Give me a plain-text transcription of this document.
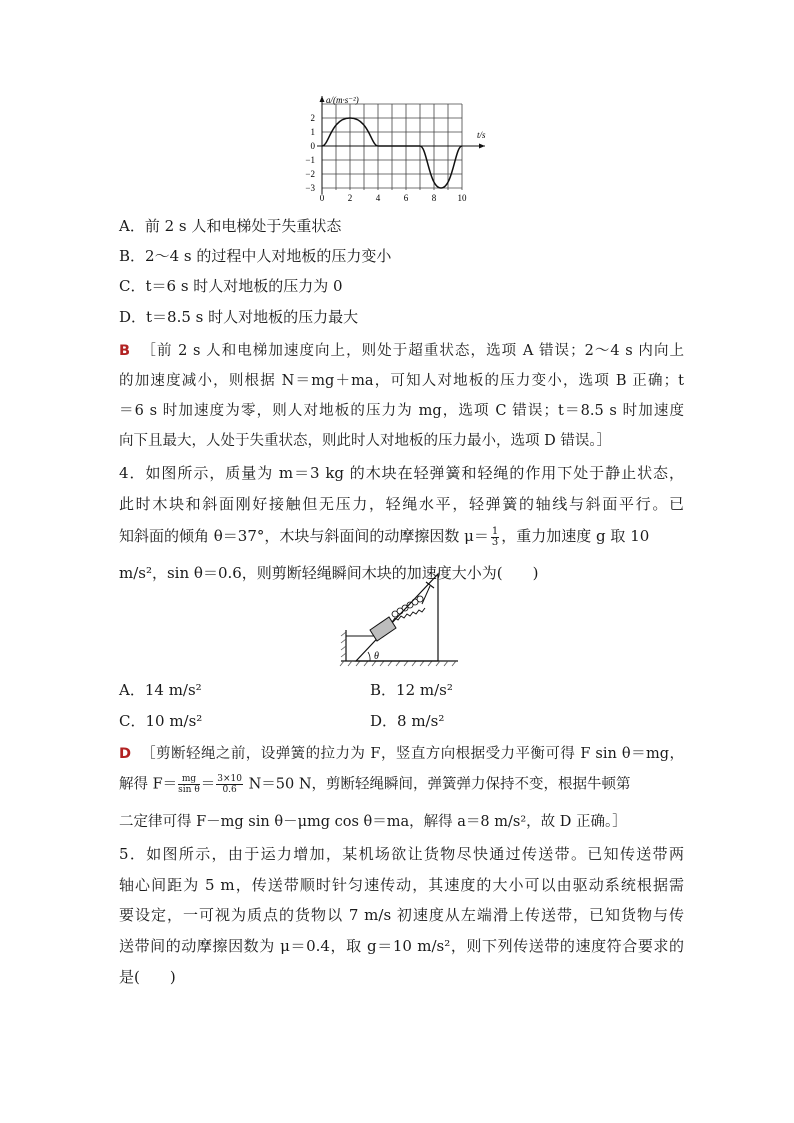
a/(m·s⁻²)
t/s
2
1
0
−1
−2
−3
0	2	4	6	8 10
A．前 2 s 人和电梯处于失重状态
B．2～4 s 的过程中人对地板的压力变小
C．t＝6 s 时人对地板的压力为 0
D．t＝8.5 s 时人对地板的压力最大
B ［前 2 s 人和电梯加速度向上，则处于超重状态，选项 A 错误；2～4 s 内向上
的加速度减小，则根据 N＝mg＋ma，可知人对地板的压力变小，选项 B 正确；t
＝6 s 时加速度为零，则人对地板的压力为 mg，选项 C 错误；t＝8.5 s 时加速度
向下且最大，人处于失重状态，则此时人对地板的压力最小，选项 D 错误。］
4．如图所示，质量为 m＝3 kg 的木块在轻弹簧和轻绳的作用下处于静止状态，
此时木块和斜面刚好接触但无压力，轻绳水平，轻弹簧的轴线与斜面平行。已
知斜面的倾角 θ＝37°，木块与斜面间的动摩擦因数 $\mu= \frac{1}{3}$ ，重力加速度 g 取 10
m/s²，sin θ＝0.6，则剪断轻绳瞬间木块的加速度大小为(　　)
θ
A．14 m/s²	B．12 m/s²
C．10 m/s²	D．8 m/s²
D ［剪断轻绳之前，设弹簧的拉力为 F，竖直方向根据受力平衡可得 F sin θ＝mg，
解得 $F= \frac{mg}{\text{sin θ}} = \frac{3\times 10}{0.6} N=50$ N，剪断轻绳瞬间，弹簧弹力保持不变，根据牛顿第
二定律可得 F－mg sin θ－μmg cos θ＝ma，解得 a＝8 m/s²，故 D 正确。］
5．如图所示，由于运力增加，某机场欲让货物尽快通过传送带。已知传送带两
轴心间距为 5 m，传送带顺时针匀速传动，其速度的大小可以由驱动系统根据需
要设定，一可视为质点的货物以 7 m/s 初速度从左端滑上传送带，已知货物与传
送带间的动摩擦因数为 μ＝0.4，取 g＝10 m/s²，则下列传送带的速度符合要求的
是(　　)
